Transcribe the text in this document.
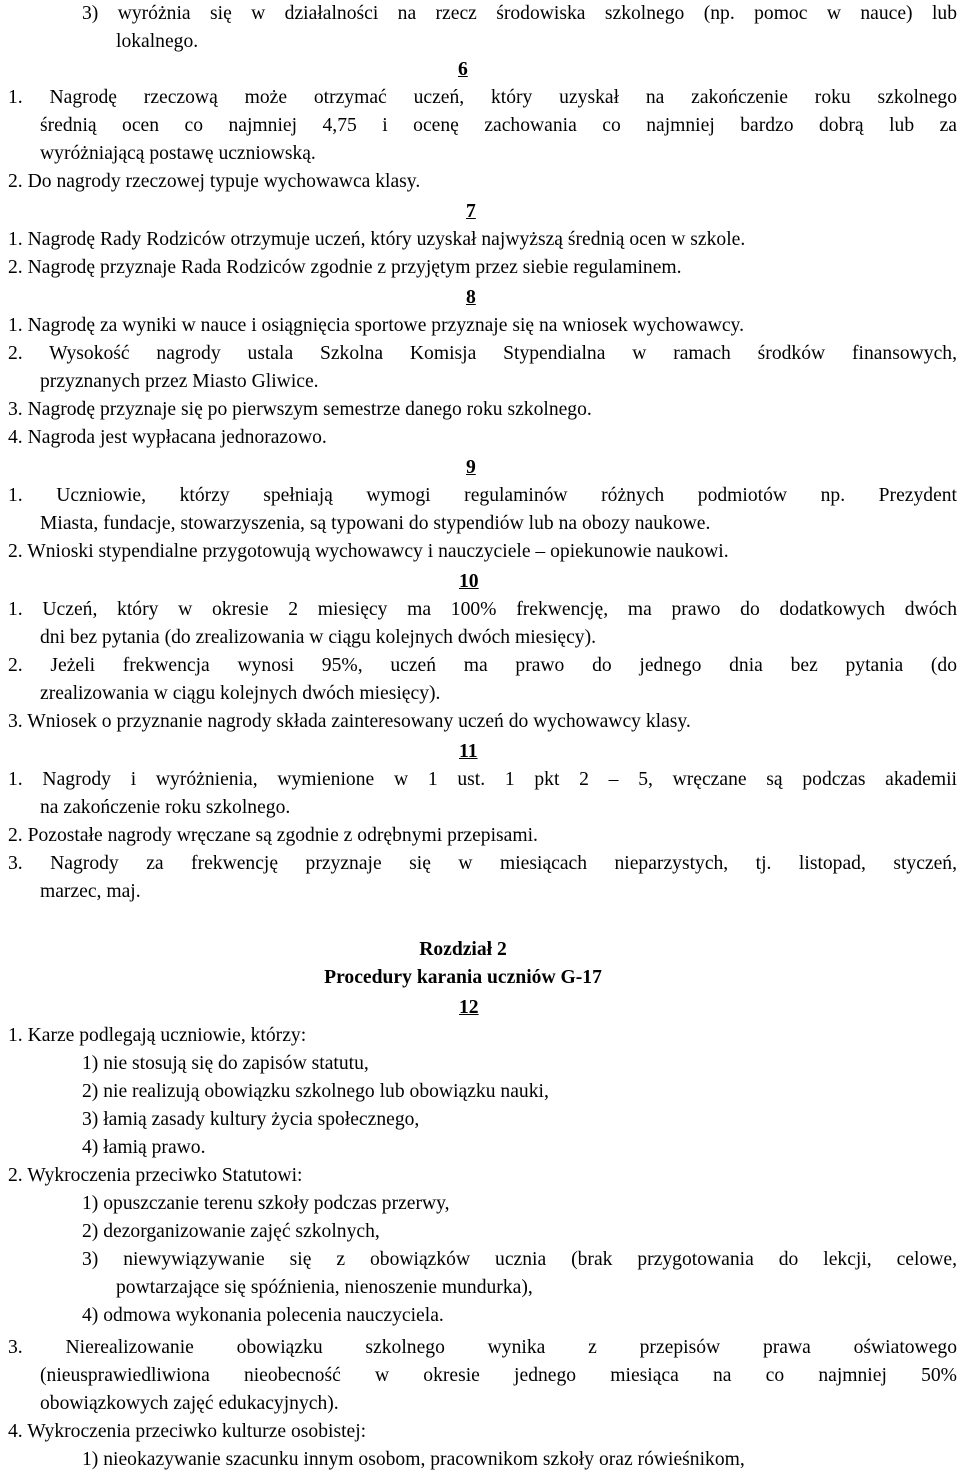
3) wyróżnia się w działalności na rzecz środowiska szkolnego (np. pomoc w nauce) lub
lokalnego.
6
1. Nagrodę rzeczową może otrzymać uczeń, który uzyskał na zakończenie roku szkolnego
średnią ocen co najmniej 4,75 i ocenę zachowania co najmniej bardzo dobrą lub za
wyróżniającą postawę uczniowską.
2. Do nagrody rzeczowej typuje wychowawca klasy.
7
1. Nagrodę Rady Rodziców otrzymuje uczeń, który uzyskał najwyższą średnią ocen w szkole.
2. Nagrodę przyznaje Rada Rodziców zgodnie z przyjętym przez siebie regulaminem.
8
1. Nagrodę za wyniki w nauce i osiągnięcia sportowe przyznaje się na wniosek wychowawcy.
2. Wysokość nagrody ustala Szkolna Komisja Stypendialna w ramach środków finansowych,
przyznanych przez Miasto Gliwice.
3. Nagrodę przyznaje się po pierwszym semestrze danego roku szkolnego.
4. Nagroda jest wypłacana jednorazowo.
9
1. Uczniowie, którzy spełniają wymogi regulaminów różnych podmiotów np. Prezydent
Miasta, fundacje, stowarzyszenia, są typowani do stypendiów lub na obozy naukowe.
2. Wnioski stypendialne przygotowują wychowawcy i nauczyciele – opiekunowie naukowi.
10
1. Uczeń, który w okresie 2 miesięcy ma 100% frekwencję, ma prawo do dodatkowych dwóch
dni bez pytania (do zrealizowania w ciągu kolejnych dwóch miesięcy).
2. Jeżeli frekwencja wynosi 95%, uczeń ma prawo do jednego dnia bez pytania (do
zrealizowania w ciągu kolejnych dwóch miesięcy).
3. Wniosek o przyznanie nagrody składa zainteresowany uczeń do wychowawcy klasy.
11
1. Nagrody i wyróżnienia, wymienione w 1 ust. 1 pkt 2 – 5, wręczane są podczas akademii
na zakończenie roku szkolnego.
2. Pozostałe nagrody wręczane są zgodnie z odrębnymi przepisami.
3. Nagrody za frekwencję przyznaje się w miesiącach nieparzystych, tj. listopad, styczeń,
marzec, maj.
Rozdział 2
Procedury karania uczniów G-17
12
1. Karze podlegają uczniowie, którzy:
1) nie stosują się do zapisów statutu,
2) nie realizują obowiązku szkolnego lub obowiązku nauki,
3) łamią zasady kultury życia społecznego,
4) łamią prawo.
2. Wykroczenia przeciwko Statutowi:
1) opuszczanie terenu szkoły podczas przerwy,
2) dezorganizowanie zajęć szkolnych,
3) niewywiązywanie się z obowiązków ucznia (brak przygotowania do lekcji, celowe,
powtarzające się spóźnienia, nienoszenie mundurka),
4) odmowa wykonania polecenia nauczyciela.
3. Nierealizowanie obowiązku szkolnego wynika z przepisów prawa oświatowego
(nieusprawiedliwiona nieobecność w okresie jednego miesiąca na co najmniej 50%
obowiązkowych zajęć edukacyjnych).
4. Wykroczenia przeciwko kulturze osobistej:
1) nieokazywanie szacunku innym osobom, pracownikom szkoły oraz rówieśnikom,
